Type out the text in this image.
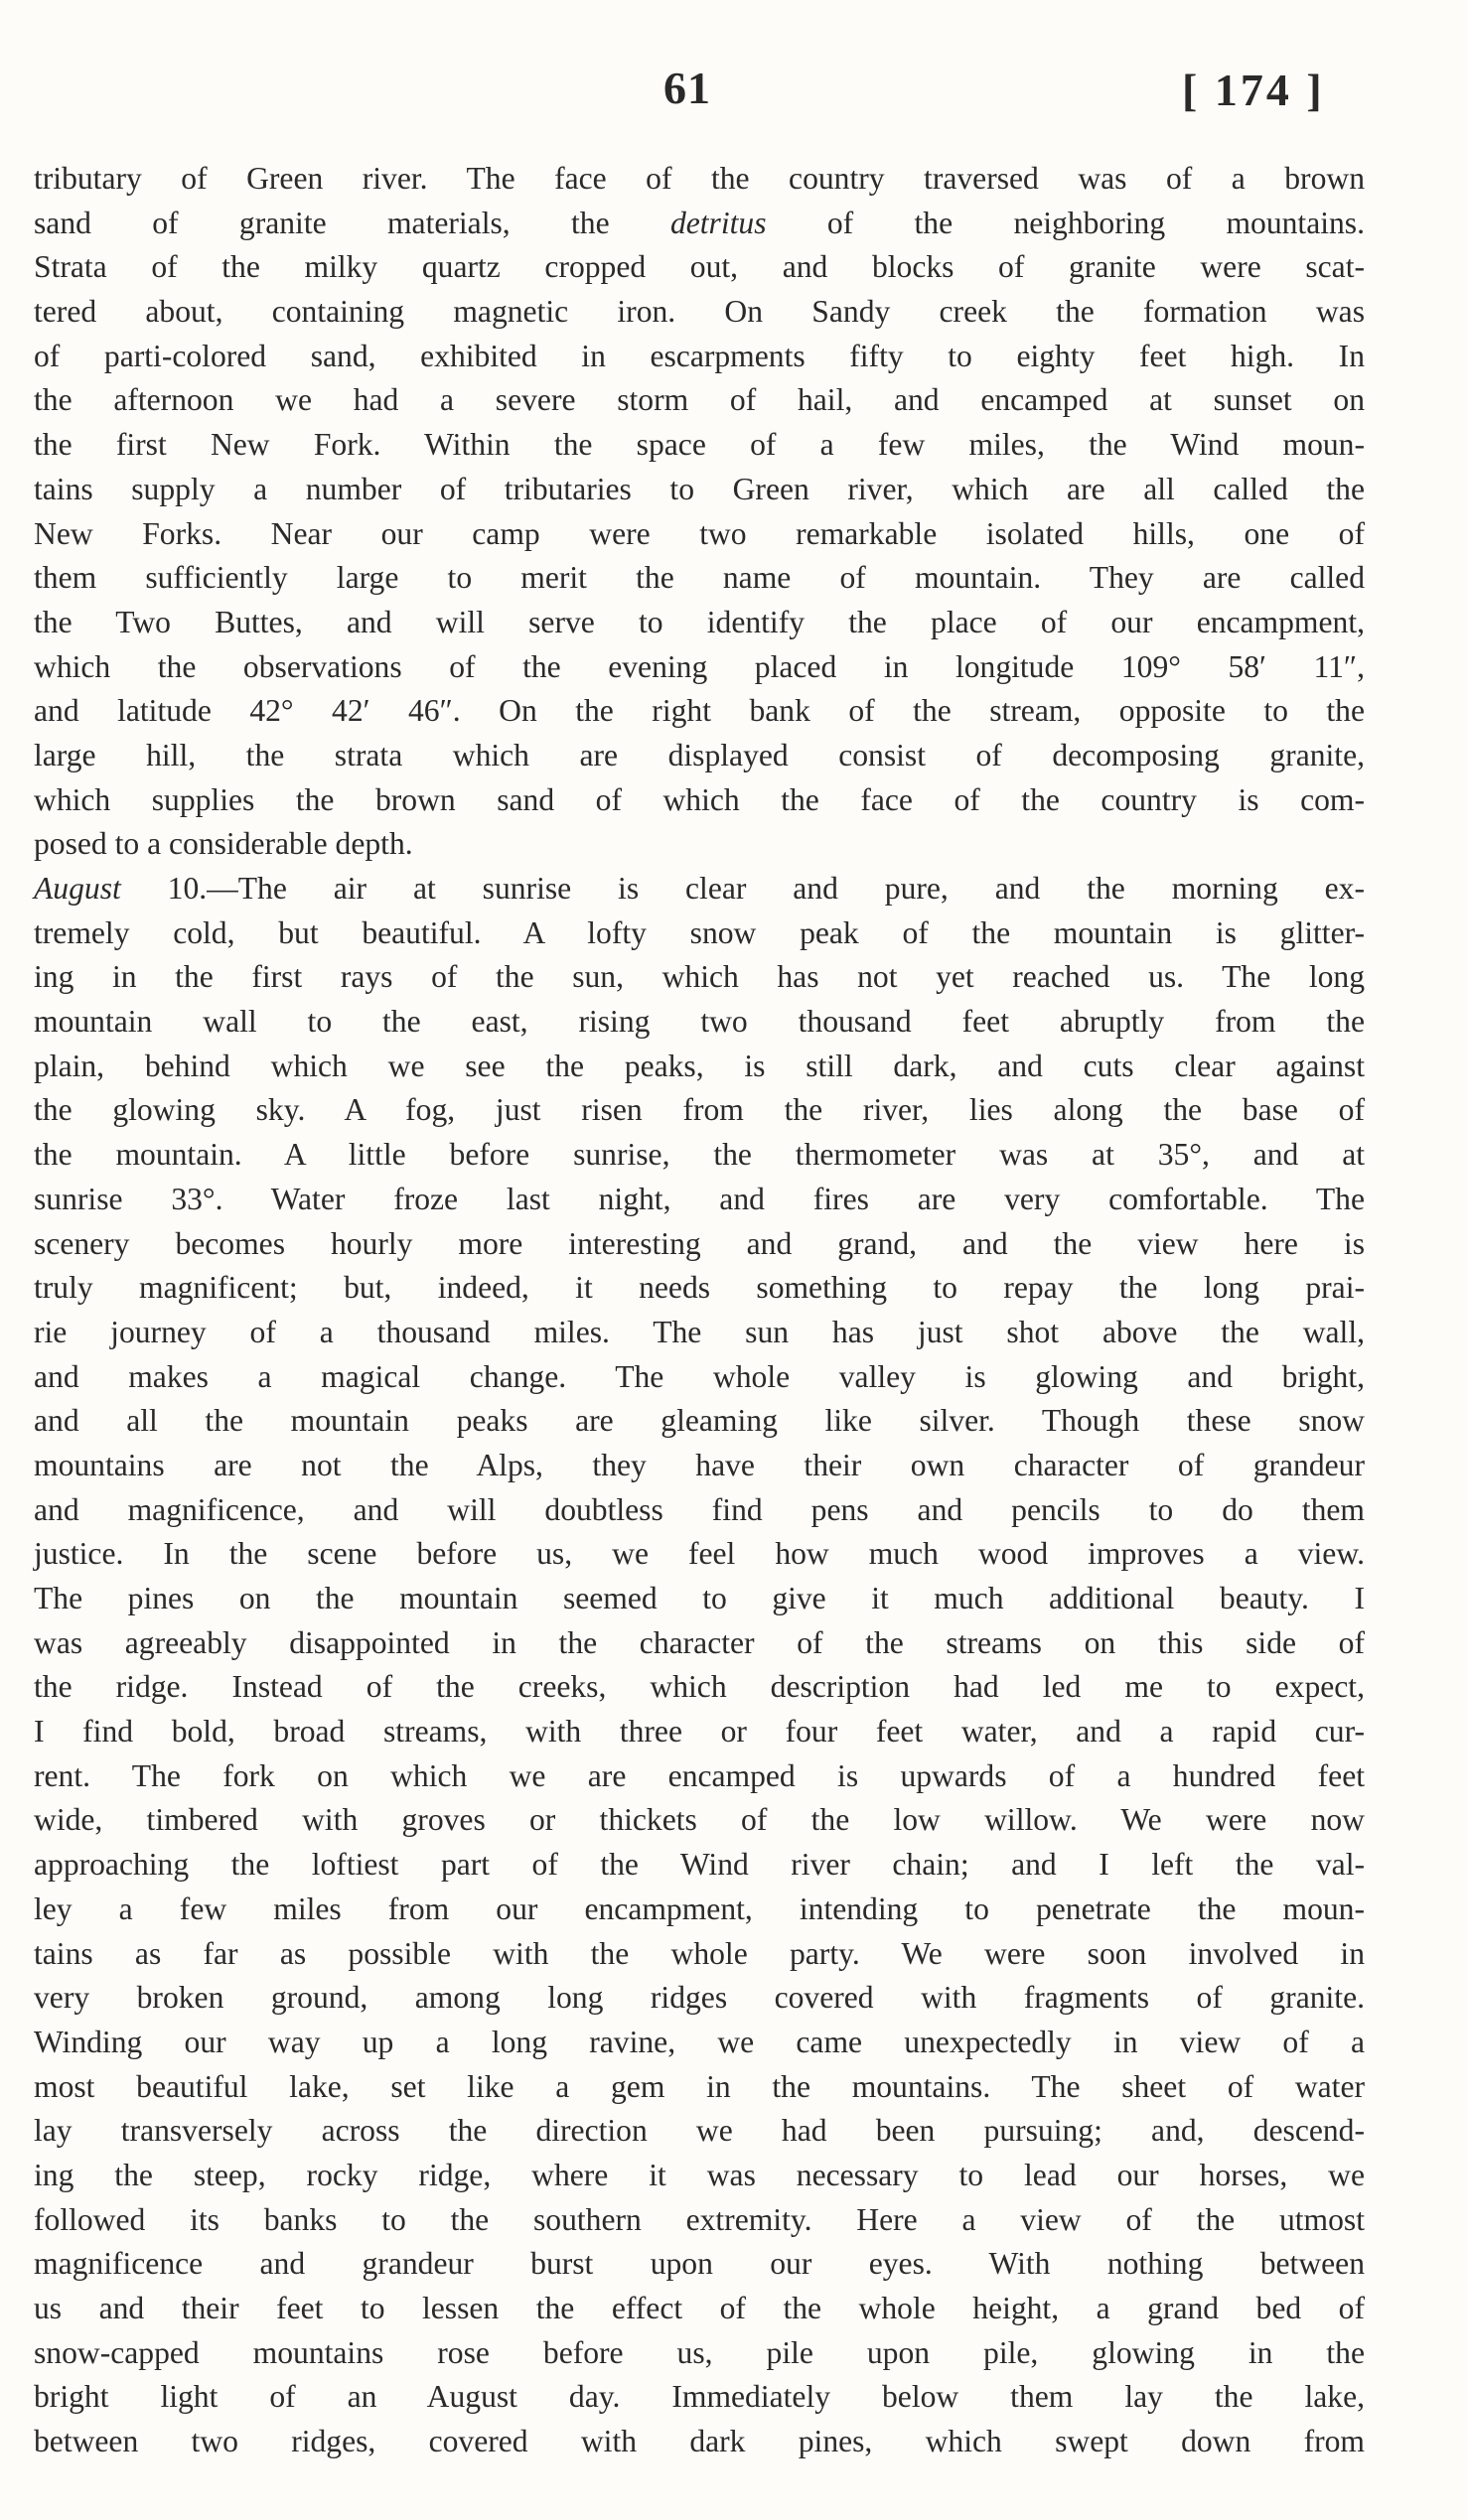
61	[ 174 ]
tributary of Green river. The face of the country traversed was of a brown
sand of granite materials, the detritus of the neighboring mountains.
Strata of the milky quartz cropped out, and blocks of granite were scat-
tered about, containing magnetic iron. On Sandy creek the formation was
of parti-colored sand, exhibited in escarpments fifty to eighty feet high. In
the afternoon we had a severe storm of hail, and encamped at sunset on
the first New Fork. Within the space of a few miles, the Wind moun-
tains supply a number of tributaries to Green river, which are all called the
New Forks. Near our camp were two remarkable isolated hills, one of
them sufficiently large to merit the name of mountain. They are called
the Two Buttes, and will serve to identify the place of our encampment,
which the observations of the evening placed in longitude 109° 58′ 11″,
and latitude 42° 42′ 46″. On the right bank of the stream, opposite to the
large hill, the strata which are displayed consist of decomposing granite,
which supplies the brown sand of which the face of the country is com-
posed to a considerable depth.
August 10.—The air at sunrise is clear and pure, and the morning ex-
tremely cold, but beautiful. A lofty snow peak of the mountain is glitter-
ing in the first rays of the sun, which has not yet reached us. The long
mountain wall to the east, rising two thousand feet abruptly from the
plain, behind which we see the peaks, is still dark, and cuts clear against
the glowing sky. A fog, just risen from the river, lies along the base of
the mountain. A little before sunrise, the thermometer was at 35°, and at
sunrise 33°. Water froze last night, and fires are very comfortable. The
scenery becomes hourly more interesting and grand, and the view here is
truly magnificent; but, indeed, it needs something to repay the long prai-
rie journey of a thousand miles. The sun has just shot above the wall,
and makes a magical change. The whole valley is glowing and bright,
and all the mountain peaks are gleaming like silver. Though these snow
mountains are not the Alps, they have their own character of grandeur
and magnificence, and will doubtless find pens and pencils to do them
justice. In the scene before us, we feel how much wood improves a view.
The pines on the mountain seemed to give it much additional beauty. I
was agreeably disappointed in the character of the streams on this side of
the ridge. Instead of the creeks, which description had led me to expect,
I find bold, broad streams, with three or four feet water, and a rapid cur-
rent. The fork on which we are encamped is upwards of a hundred feet
wide, timbered with groves or thickets of the low willow. We were now
approaching the loftiest part of the Wind river chain; and I left the val-
ley a few miles from our encampment, intending to penetrate the moun-
tains as far as possible with the whole party. We were soon involved in
very broken ground, among long ridges covered with fragments of granite.
Winding our way up a long ravine, we came unexpectedly in view of a
most beautiful lake, set like a gem in the mountains. The sheet of water
lay transversely across the direction we had been pursuing; and, descend-
ing the steep, rocky ridge, where it was necessary to lead our horses, we
followed its banks to the southern extremity. Here a view of the utmost
magnificence and grandeur burst upon our eyes. With nothing between
us and their feet to lessen the effect of the whole height, a grand bed of
snow-capped mountains rose before us, pile upon pile, glowing in the
bright light of an August day. Immediately below them lay the lake,
between two ridges, covered with dark pines, which swept down from
